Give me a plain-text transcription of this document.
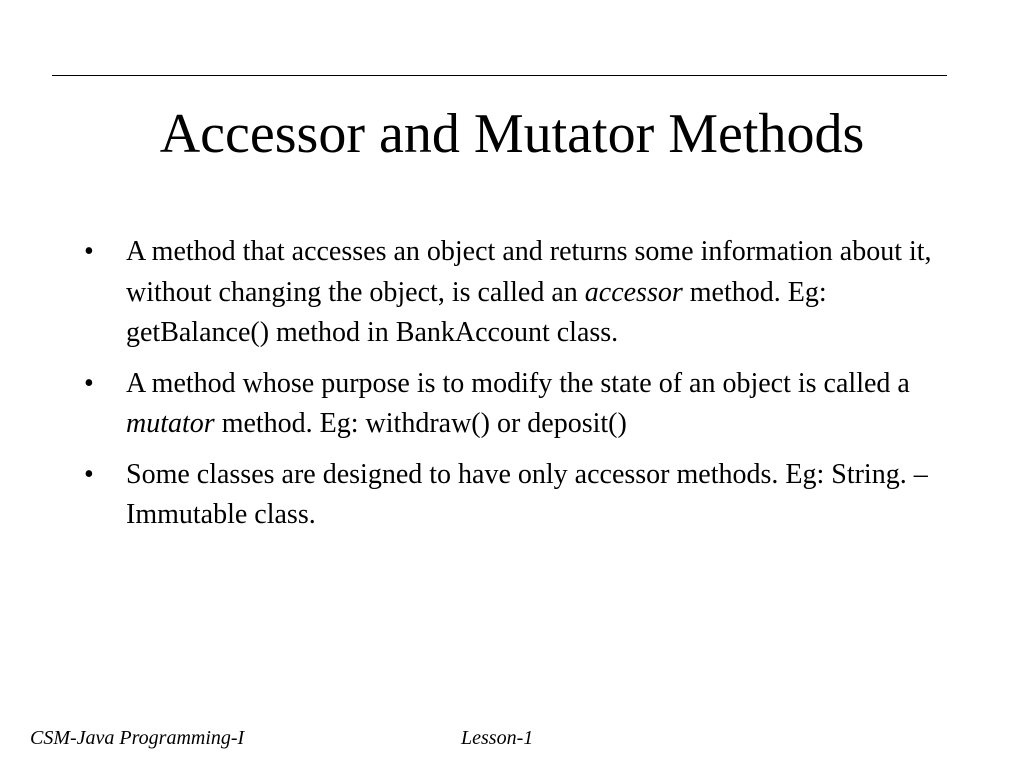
Accessor and Mutator Methods
•	A method that accesses an object and returns some information about it, without changing the object, is called an accessor method. Eg: getBalance() method in BankAccount class.
•	A method whose purpose is to modify the state of an object is called a mutator method. Eg: withdraw() or deposit()
•	Some classes are designed to have only accessor methods. Eg: String. – Immutable class.
CSM-Java Programming-I	Lesson-1
